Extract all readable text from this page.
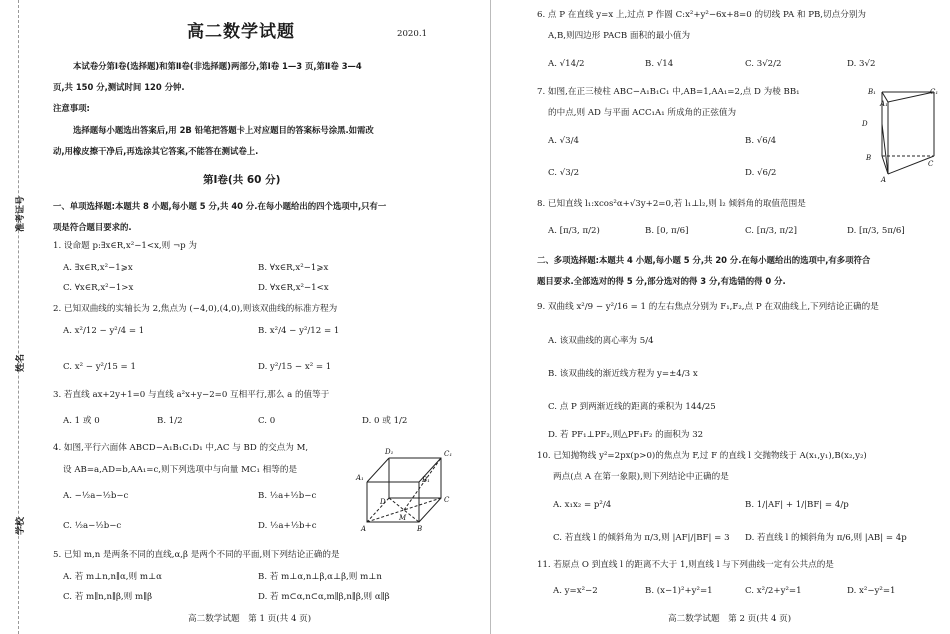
准考证号
姓名
学校
高二数学试题	2020.1
本试卷分第Ⅰ卷(选择题)和第Ⅱ卷(非选择题)两部分,第Ⅰ卷 1—3 页,第Ⅱ卷 3—4
页,共 150 分,测试时间 120 分钟.
注意事项:
选择题每小题选出答案后,用 2B 铅笔把答题卡上对应题目的答案标号涂黑.如需改
动,用橡皮擦干净后,再选涂其它答案,不能答在测试卷上.
第Ⅰ卷(共 60 分)
一、单项选择题:本题共 8 小题,每小题 5 分,共 40 分.在每小题给出的四个选项中,只有一
项是符合题目要求的.
1. 设命题 p:∃x∈R,x²−1<x,则 ¬p 为
A. ∃x∈R,x²−1⩾x	B. ∀x∈R,x²−1⩾x
C. ∀x∈R,x²−1>x	D. ∀x∈R,x²−1<x
2. 已知双曲线的实轴长为 2,焦点为 (−4,0),(4,0),则该双曲线的标准方程为
A. x²/12 − y²/4 = 1	B. x²/4 − y²/12 = 1
C. x² − y²/15 = 1	D. y²/15 − x² = 1
3. 若直线 ax+2y+1=0 与直线 a²x+y−2=0 互相平行,那么 a 的值等于
A. 1 或 0	B. 1/2	C. 0	D. 0 或 1/2
4. 如图,平行六面体 ABCD−A₁B₁C₁D₁ 中,AC 与 BD 的交点为 M,
设 AB=a,AD=b,AA₁=c,则下列选项中与向量 MC₁ 相等的是
A. −½a−½b−c	B. ½a+½b−c
C. ½a−½b−c	D. ½a+½b+c
D₁	C₁
A₁	B₁
D	C
M
A	B
5. 已知 m,n 是两条不同的直线,α,β 是两个不同的平面,则下列结论正确的是
A. 若 m⊥n,n∥α,则 m⊥α	B. 若 m⊥α,n⊥β,α⊥β,则 m⊥n
C. 若 m∥n,n∥β,则 m∥β	D. 若 m⊂α,n⊂α,m∥β,n∥β,则 α∥β
高二数学试题　第 1 页(共 4 页)
6. 点 P 在直线 y=x 上,过点 P 作圆 C:x²+y²−6x+8=0 的切线 PA 和 PB,切点分别为
A,B,则四边形 PACB 面积的最小值为
A. √14/2	B. √14	C. 3√2/2	D. 3√2
7. 如图,在正三棱柱 ABC−A₁B₁C₁ 中,AB=1,AA₁=2,点 D 为棱 BB₁
的中点,则 AD 与平面 ACC₁A₁ 所成角的正弦值为
A. √3/4	B. √6/4
C. √3/2	D. √6/2
A₁
C₁
B₁
D
B
C
A
8. 已知直线 l₁:xcos²α+√3y+2=0,若 l₁⊥l₂,则 l₂ 倾斜角的取值范围是
A. [π/3, π/2)	B. [0, π/6]	C. [π/3, π/2]	D. [π/3, 5π/6]
二、多项选择题:本题共 4 小题,每小题 5 分,共 20 分.在每小题给出的选项中,有多项符合
题目要求.全部选对的得 5 分,部分选对的得 3 分,有选错的得 0 分.
9. 双曲线 x²/9 − y²/16 = 1 的左右焦点分别为 F₁,F₂,点 P 在双曲线上,下列结论正确的是
A. 该双曲线的离心率为 5/4
B. 该双曲线的渐近线方程为 y=±4/3 x
C. 点 P 到两渐近线的距离的乘积为 144/25
D. 若 PF₁⊥PF₂,则△PF₁F₂ 的面积为 32
10. 已知抛物线 y²=2px(p>0)的焦点为 F,过 F 的直线 l 交抛物线于 A(x₁,y₁),B(x₂,y₂)
两点(点 A 在第一象限),则下列结论中正确的是
A. x₁x₂ = p²/4	B. 1/|AF| + 1/|BF| = 4/p
C. 若直线 l 的倾斜角为 π/3,则 |AF|/|BF| = 3 D. 若直线 l 的倾斜角为 π/6,则 |AB| = 4p
11. 若原点 O 到直线 l 的距离不大于 1,则直线 l 与下列曲线一定有公共点的是
A. y=x²−2	B. (x−1)²+y²=1	C. x²/2+y²=1	D. x²−y²=1
高二数学试题　第 2 页(共 4 页)
